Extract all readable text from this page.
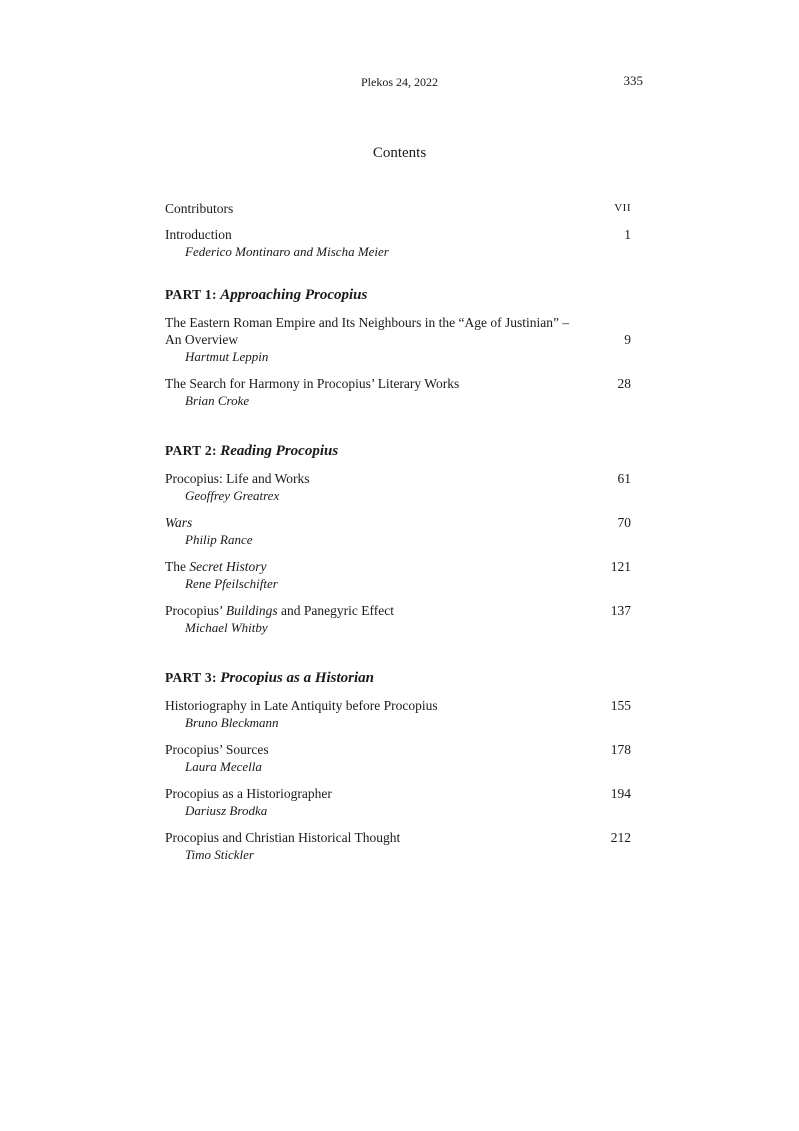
Plekos 24, 2022	335
Contents
Contributors	VII
Introduction
Federico Montinaro and Mischa Meier
1
PART 1: Approaching Procopius
The Eastern Roman Empire and Its Neighbours in the “Age of Justinian” –
An Overview
Hartmut Leppin
9
The Search for Harmony in Procopius’ Literary Works
Brian Croke
28
PART 2: Reading Procopius
Procopius: Life and Works
Geoffrey Greatrex
61
Wars
Philip Rance
70
The Secret History
Rene Pfeilschifter
121
Procopius’ Buildings and Panegyric Effect
Michael Whitby
137
PART 3: Procopius as a Historian
Historiography in Late Antiquity before Procopius
Bruno Bleckmann
155
Procopius’ Sources
Laura Mecella
178
Procopius as a Historiographer
Dariusz Brodka
194
Procopius and Christian Historical Thought
Timo Stickler
212
